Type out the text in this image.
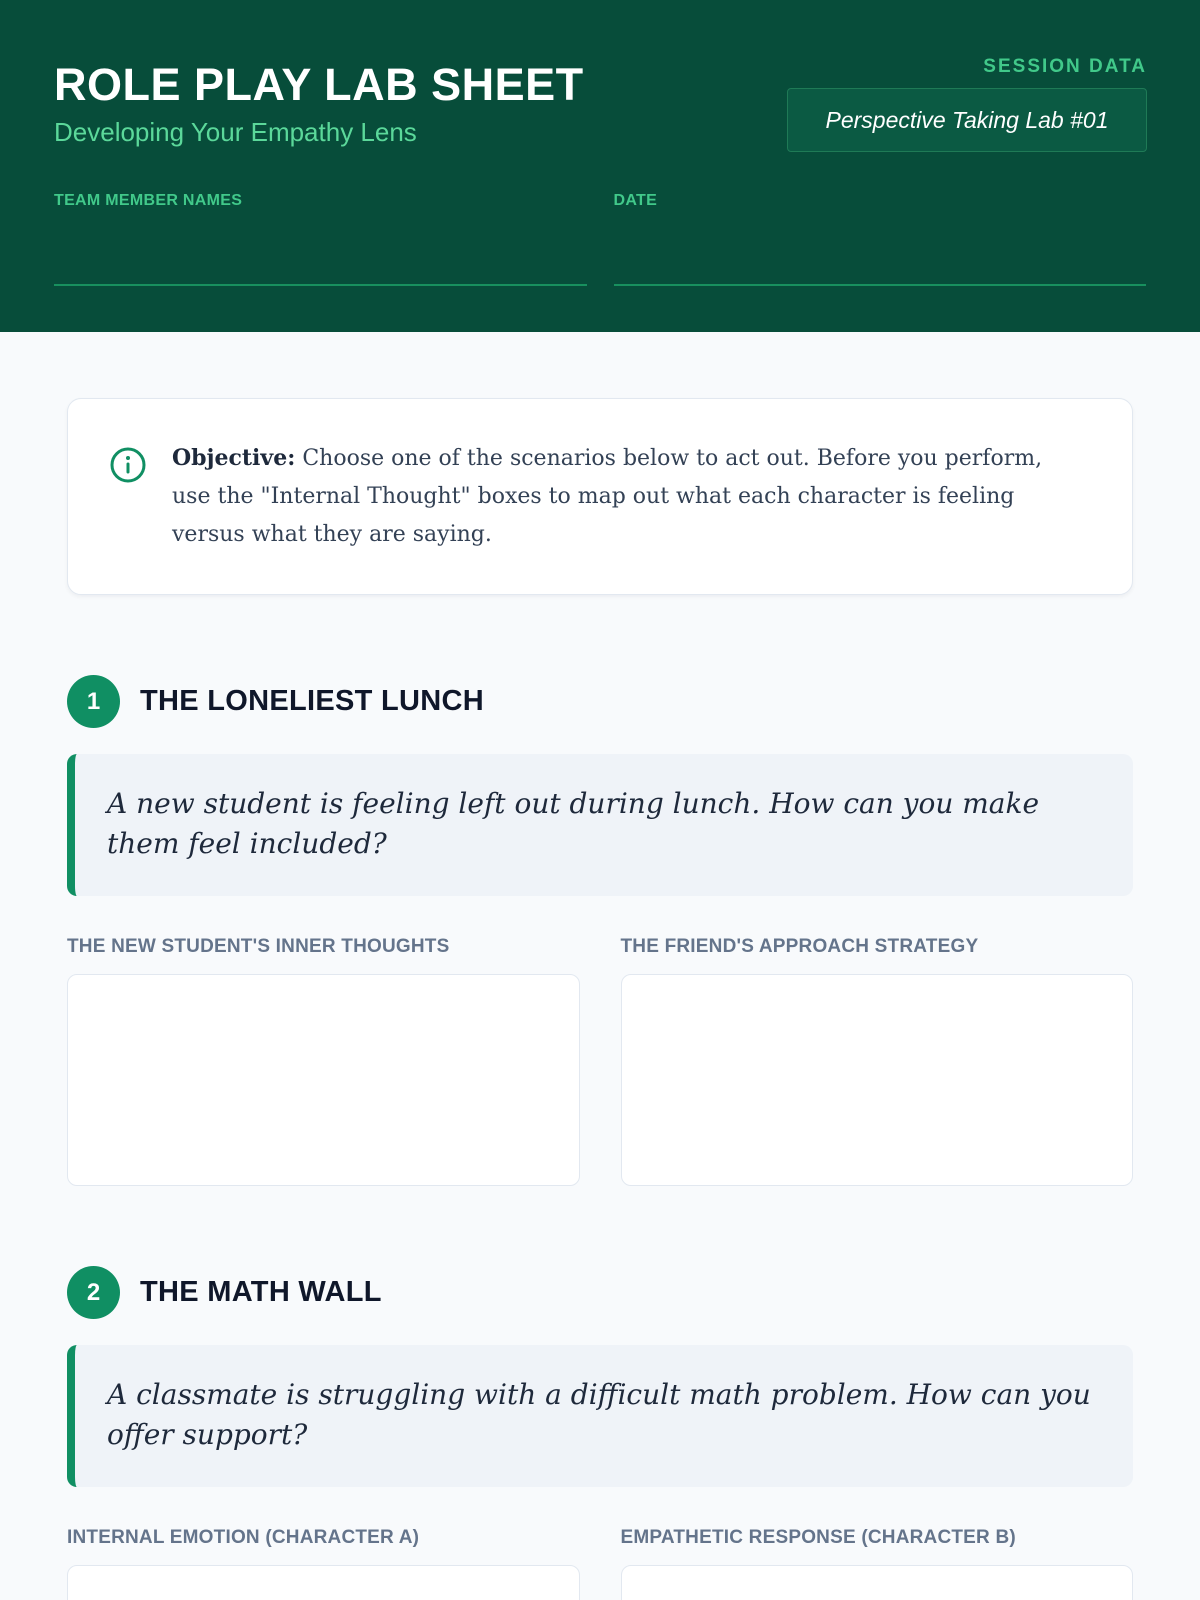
ROLE PLAY LAB SHEET
Developing Your Empathy Lens
SESSION DATA
Perspective Taking Lab #01
TEAM MEMBER NAMES	DATE

Objective: Choose one of the scenarios below to act out. Before you perform, use the "Internal Thought" boxes to map out what each character is feeling versus what they are saying.

1	THE LONELIEST LUNCH
A new student is feeling left out during lunch. How can you make them feel included?
THE NEW STUDENT'S INNER THOUGHTS	THE FRIEND'S APPROACH STRATEGY
2	THE MATH WALL
A classmate is struggling with a difficult math problem. How can you offer support?
INTERNAL EMOTION (CHARACTER A)	EMPATHETIC RESPONSE (CHARACTER B)
